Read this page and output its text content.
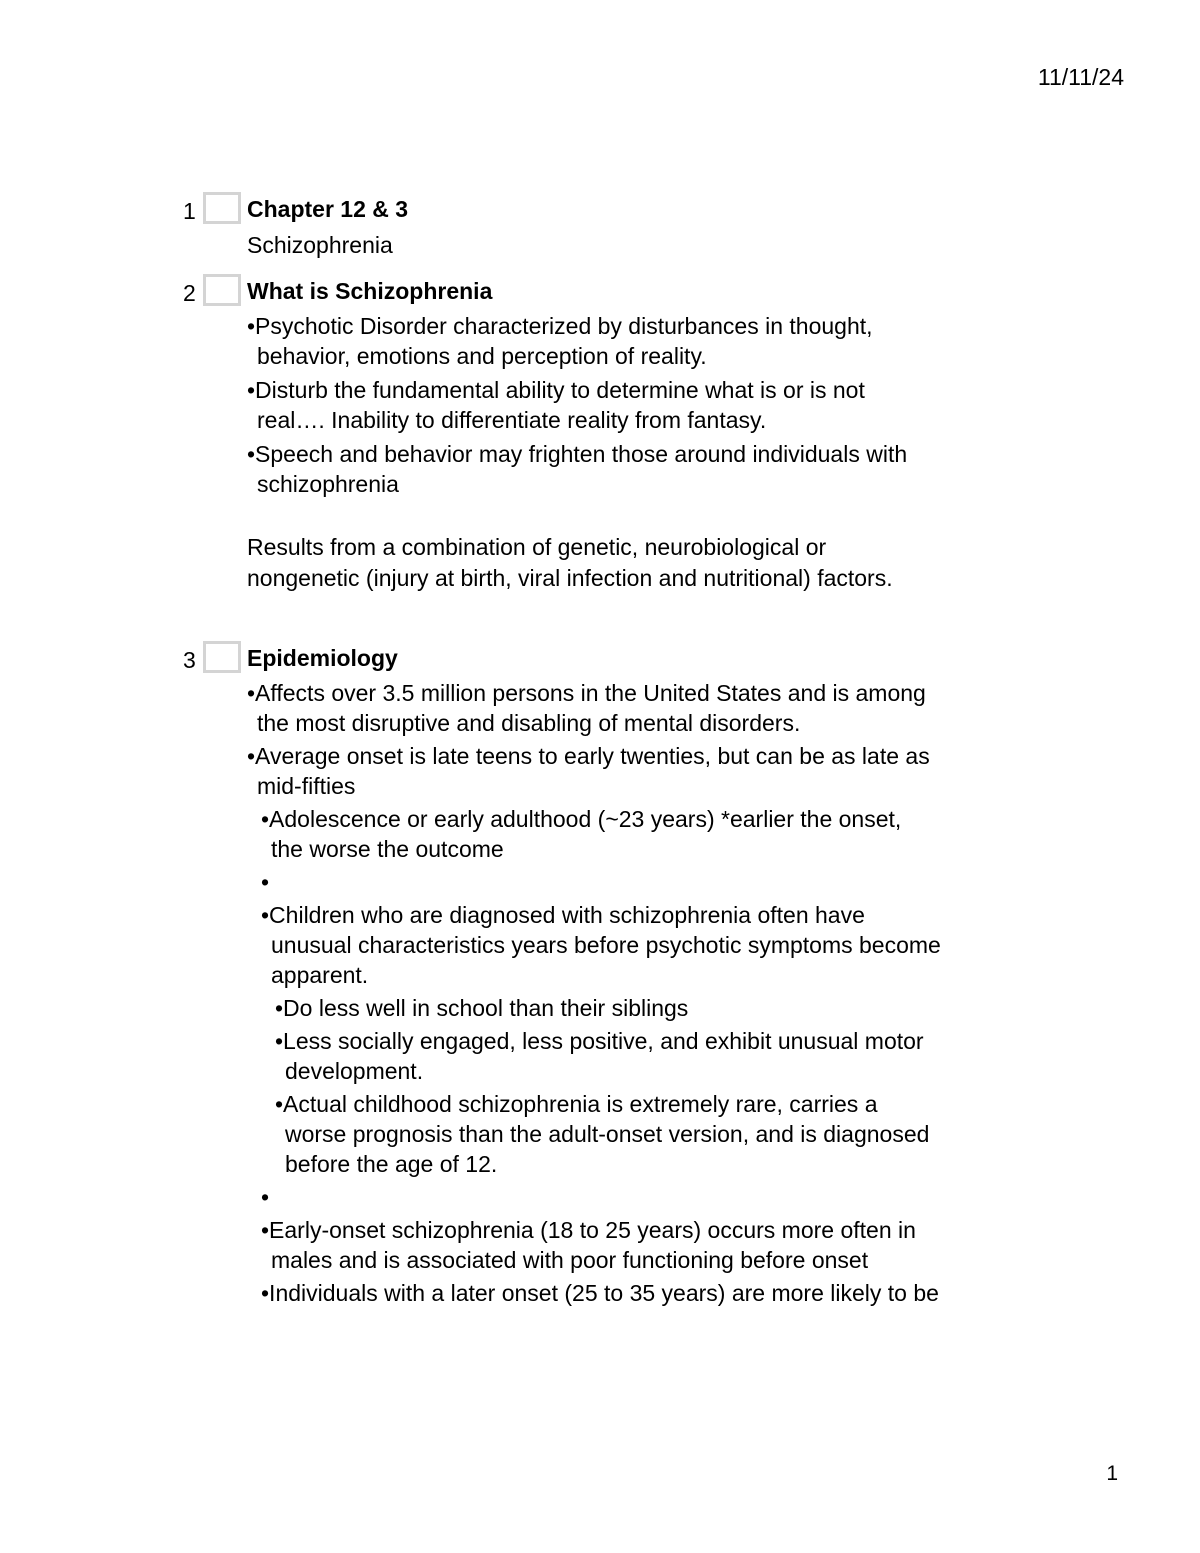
11/11/24
1 Chapter 12 & 3

Schizophrenia

2 What is Schizophrenia

•Psychotic Disorder characterized by disturbances in thought,

behavior, emotions and perception of reality.

•Disturb the fundamental ability to determine what is or is not

real…. Inability to differentiate reality from fantasy.

•Speech and behavior may frighten those around individuals with

schizophrenia

Results from a combination of genetic, neurobiological or

nongenetic (injury at birth, viral infection and nutritional) factors.

3 Epidemiology

•Affects over 3.5 million persons in the United States and is among

the most disruptive and disabling of mental disorders.

•Average onset is late teens to early twenties, but can be as late as

mid-fifties

•Adolescence or early adulthood (~23 years) *earlier the onset,

the worse the outcome

•

•Children who are diagnosed with schizophrenia often have

unusual characteristics years before psychotic symptoms become

apparent.

•Do less well in school than their siblings

•Less socially engaged, less positive, and exhibit unusual motor

development.

•Actual childhood schizophrenia is extremely rare, carries a

worse prognosis than the adult-onset version, and is diagnosed

before the age of 12.

•

•Early-onset schizophrenia (18 to 25 years) occurs more often in

males and is associated with poor functioning before onset

•Individuals with a later onset (25 to 35 years) are more likely to be

1
